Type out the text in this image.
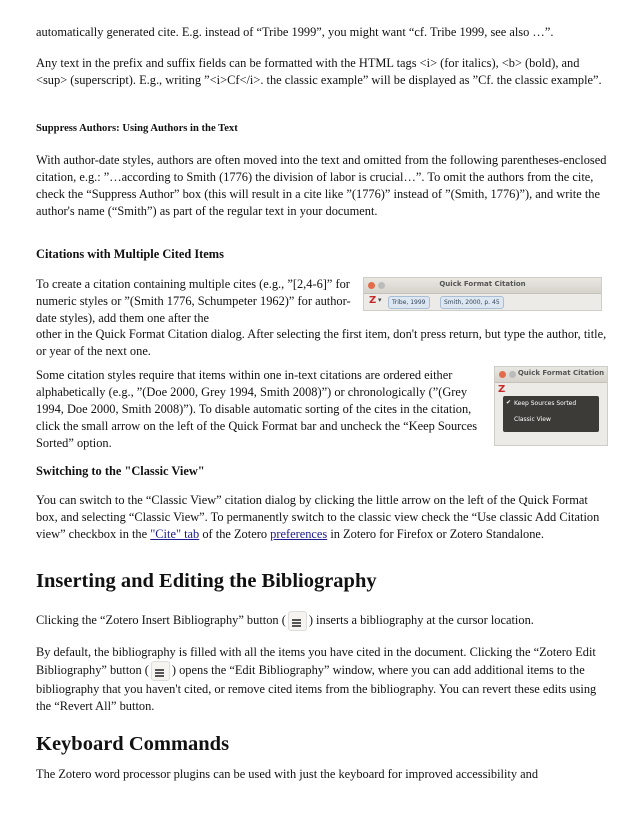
automatically generated cite. E.g. instead of “Tribe 1999”, you might want “cf. Tribe 1999, see also …”.

Any text in the prefix and suffix fields can be formatted with the HTML tags <i> (for italics), <b> (bold), and <sup> (superscript). E.g., writing ”<i>Cf</i>. the classic example” will be displayed as ”Cf. the classic example”.

Suppress Authors: Using Authors in the Text

With author-date styles, authors are often moved into the text and omitted from the following parentheses-enclosed citation, e.g.: ”…according to Smith (1776) the division of labor is crucial…”. To omit the authors from the cite, check the “Suppress Author” box (this will result in a cite like ”(1776)” instead of ”(Smith, 1776)”), and write the author's name (“Smith”) as part of the regular text in your document.

Citations with Multiple Cited Items

To create a citation containing multiple cites (e.g., ”[2,4-6]” for numeric styles or ”(Smith 1776, Schumpeter 1962)” for author-date styles), add them one after the

other in the Quick Format Citation dialog. After selecting the first item, don't press return, but type the author, title, or year of the next one.

Quick Format Citation
Z ▾	Tribe, 1999	Smith, 2000, p. 45

Some citation styles require that items within one in-text citations are ordered either alphabetically (e.g., ”(Doe 2000, Grey 1994, Smith 2008)”) or chronologically (”(Grey 1994, Doe 2000, Smith 2008)”). To disable automatic sorting of the cites in the citation, click the small arrow on the left of the Quick Format bar and uncheck the “Keep Sources Sorted” option.

Quick Format Citation
Z
✔ Keep Sources Sorted
Classic View

Switching to the "Classic View"

You can switch to the “Classic View” citation dialog by clicking the little arrow on the left of the Quick Format box, and selecting “Classic View”. To permanently switch to the classic view check the “Use classic Add Citation view” checkbox in the "Cite" tab of the Zotero preferences in Zotero for Firefox or Zotero Standalone.

Inserting and Editing the Bibliography

Clicking the “Zotero Insert Bibliography” button ( ) inserts a bibliography at the cursor location.

By default, the bibliography is filled with all the items you have cited in the document. Clicking the “Zotero Edit Bibliography” button ( ) opens the “Edit Bibliography” window, where you can add additional items to the bibliography that you haven't cited, or remove cited items from the bibliography. You can revert these edits using the “Revert All” button.

Keyboard Commands

The Zotero word processor plugins can be used with just the keyboard for improved accessibility and
